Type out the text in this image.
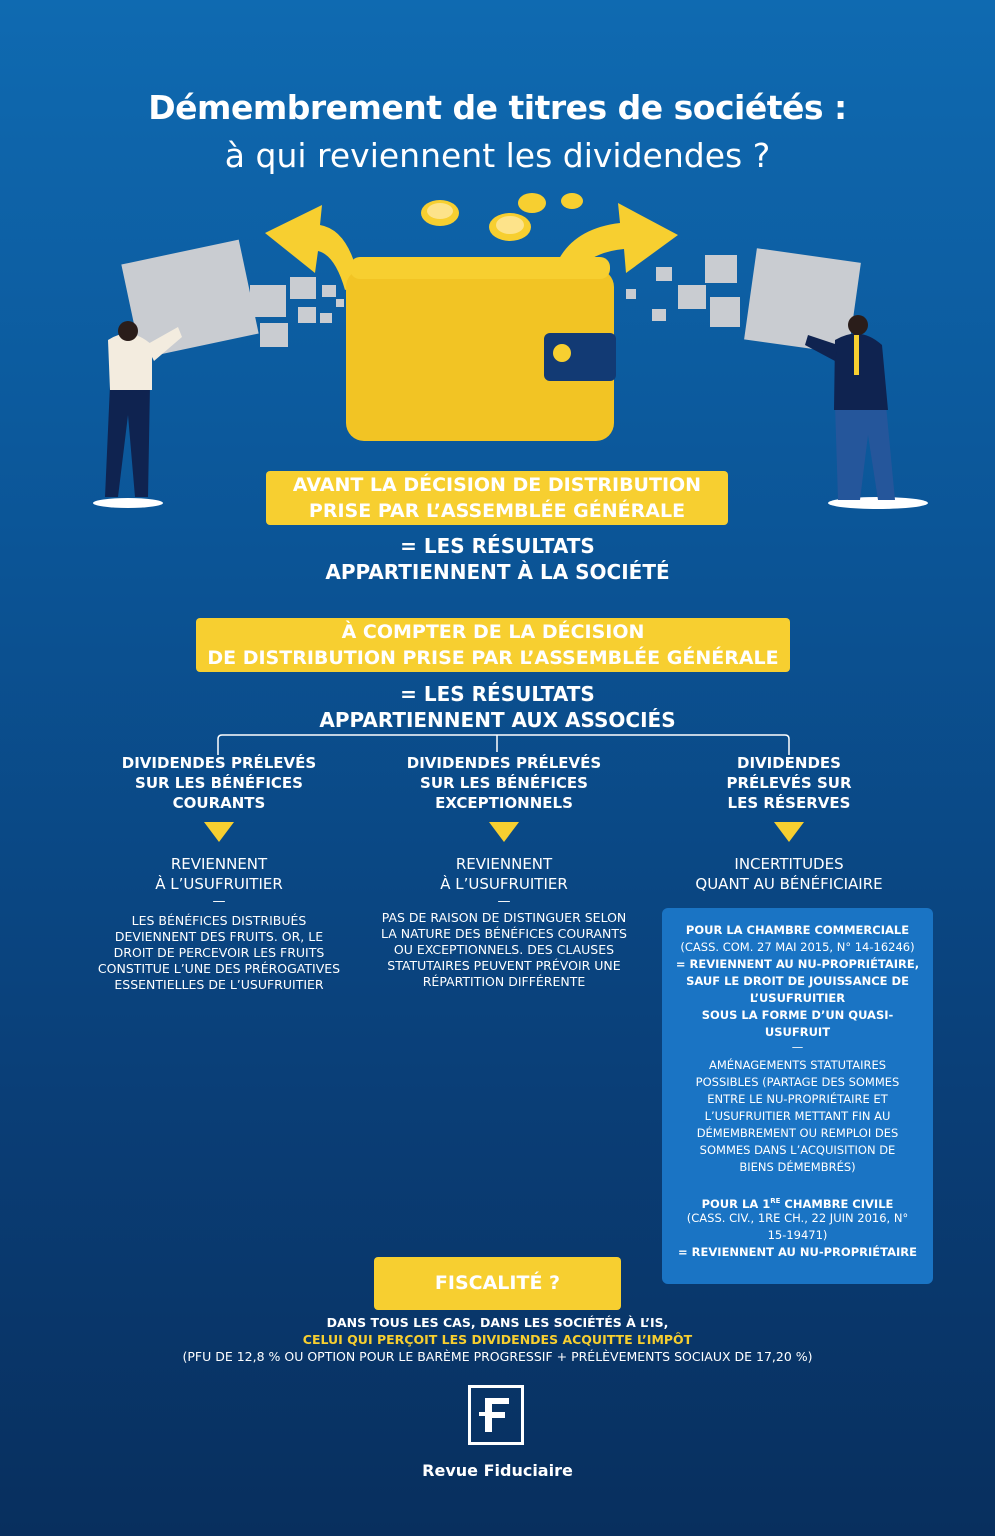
Démembrement de titres de sociétés :
à qui reviennent les dividendes ?
AVANT LA DÉCISION DE DISTRIBUTION
PRISE PAR L’ASSEMBLÉE GÉNÉRALE
= LES RÉSULTATS
APPARTIENNENT À LA SOCIÉTÉ
À COMPTER DE LA DÉCISION
DE DISTRIBUTION PRISE PAR L’ASSEMBLÉE GÉNÉRALE
= LES RÉSULTATS
APPARTIENNENT AUX ASSOCIÉS
DIVIDENDES PRÉLEVÉS
SUR LES BÉNÉFICES
COURANTS
REVIENNENT
À L’USUFRUITIER
—
LES BÉNÉFICES DISTRIBUÉS
DEVIENNENT DES FRUITS. OR, LE
DROIT DE PERCEVOIR LES FRUITS
CONSTITUE L’UNE DES PRÉROGATIVES
ESSENTIELLES DE L’USUFRUITIER
DIVIDENDES PRÉLEVÉS
SUR LES BÉNÉFICES
EXCEPTIONNELS
REVIENNENT
À L’USUFRUITIER
—
PAS DE RAISON DE DISTINGUER SELON
LA NATURE DES BÉNÉFICES COURANTS
OU EXCEPTIONNELS. DES CLAUSES
STATUTAIRES PEUVENT PRÉVOIR UNE
RÉPARTITION DIFFÉRENTE
DIVIDENDES
PRÉLEVÉS SUR
LES RÉSERVES
INCERTITUDES
QUANT AU BÉNÉFICIAIRE
POUR LA CHAMBRE COMMERCIALE
(CASS. COM. 27 MAI 2015, N° 14-16246)
= REVIENNENT AU NU-PROPRIÉTAIRE,
SAUF LE DROIT DE JOUISSANCE DE
L’USUFRUITIER
SOUS LA FORME D’UN QUASI-
USUFRUIT
—
AMÉNAGEMENTS STATUTAIRES
POSSIBLES (PARTAGE DES SOMMES
ENTRE LE NU-PROPRIÉTAIRE ET
L’USUFRUITIER METTANT FIN AU
DÉMEMBREMENT OU REMPLOI DES
SOMMES DANS L’ACQUISITION DE
BIENS DÉMEMBRÉS)
POUR LA 1RE CHAMBRE CIVILE
(CASS. CIV., 1RE CH., 22 JUIN 2016, N°
15-19471)
= REVIENNENT AU NU-PROPRIÉTAIRE
FISCALITÉ ?
DANS TOUS LES CAS, DANS LES SOCIÉTÉS À L’IS,
CELUI QUI PERÇOIT LES DIVIDENDES ACQUITTE L’IMPÔT
(PFU DE 12,8 % OU OPTION POUR LE BARÈME PROGRESSIF + PRÉLÈVEMENTS SOCIAUX DE 17,20 %)
Revue Fiduciaire
